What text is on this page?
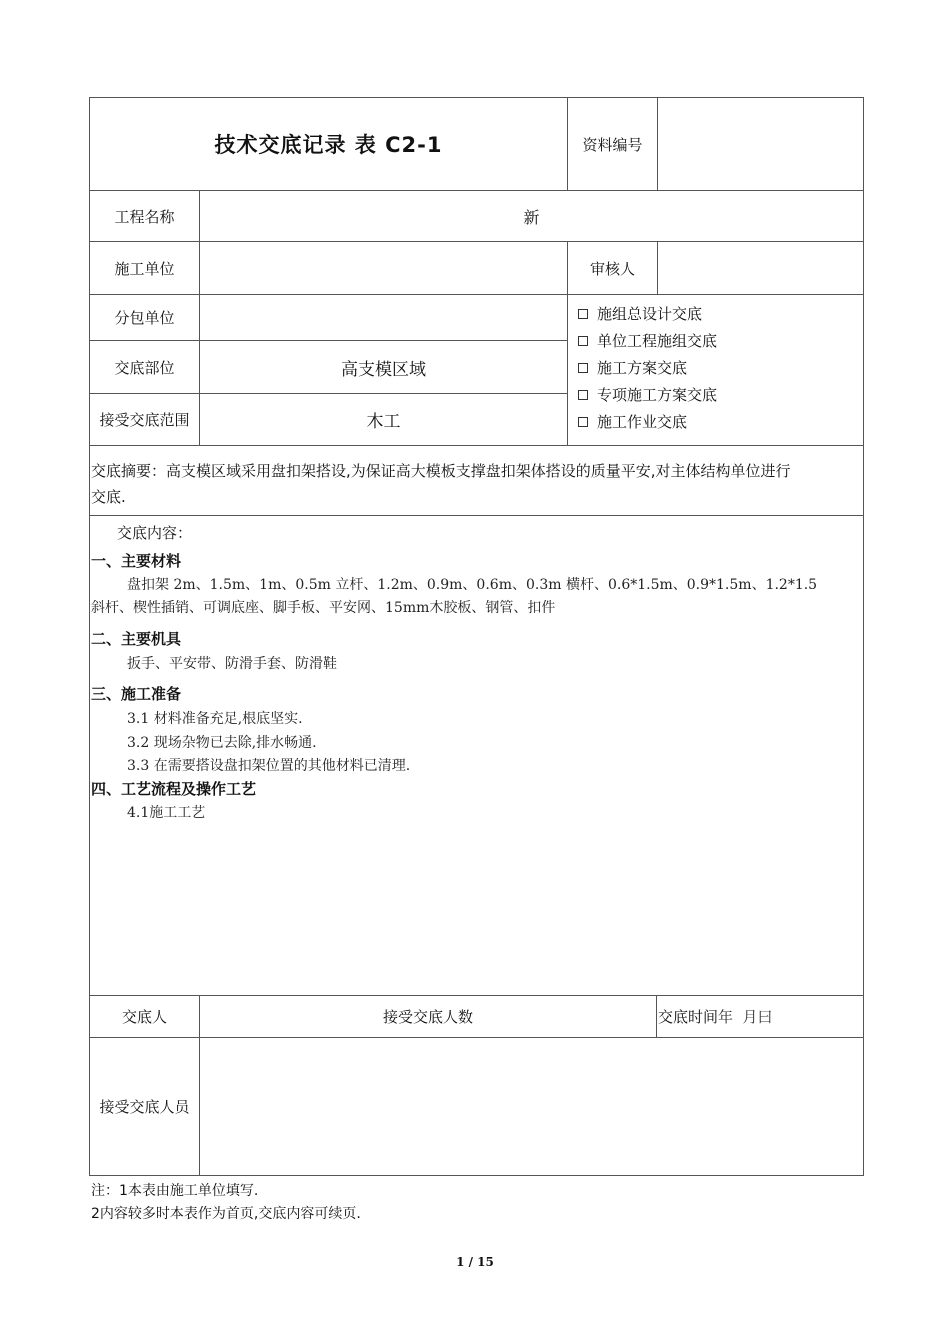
技术交底记录 表 C2-1	资料编号
工程名称	新
施工单位	审核人
分包单位
交底部位	高支模区域
接受交底范围	木工
施组总设计交底
单位工程施组交底
施工方案交底
专项施工方案交底
施工作业交底
交底摘要：高支模区域采用盘扣架搭设,为保证高大模板支撑盘扣架体搭设的质量平安,对主体结构单位进行
交底.
交底内容：
一、主要材料
盘扣架 2m、1.5m、1m、0.5m 立杆、1.2m、0.9m、0.6m、0.3m 横杆、0.6*1.5m、0.9*1.5m、1.2*1.5
斜杆、楔性插销、可调底座、脚手板、平安网、15mm木胶板、钢管、扣件
二、主要机具
扳手、平安带、防滑手套、防滑鞋
三、施工准备
3.1 材料准备充足,根底坚实.
3.2 现场杂物已去除,排水畅通.
3.3 在需要搭设盘扣架位置的其他材料已清理.
四、工艺流程及操作工艺
4.1施工工艺
交底人	接受交底人数	交底时间 年  月曰
接受交底人员
注：1本表由施工单位填写.
2内容较多时本表作为首页,交底内容可续页.
1 / 15
